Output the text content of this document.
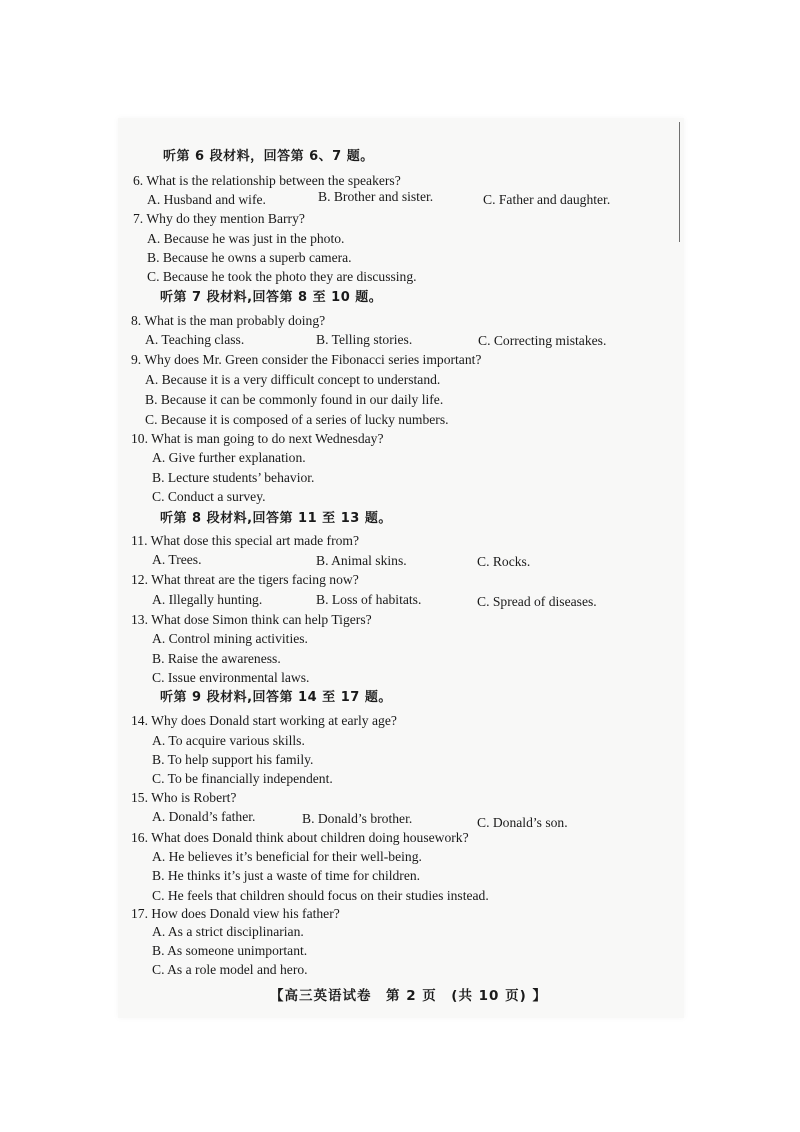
听第 6 段材料，回答第 6、7 题。
6. What is the relationship between the speakers?
A. Husband and wife.	B. Brother and sister.	C. Father and daughter.
7. Why do they mention Barry?
A. Because he was just in the photo.
B. Because he owns a superb camera.
C. Because he took the photo they are discussing.
听第 7 段材料,回答第 8 至 10 题。
8. What is the man probably doing?
A. Teaching class.	B. Telling stories.	C. Correcting mistakes.
9. Why does Mr. Green consider the Fibonacci series important?
A. Because it is a very difficult concept to understand.
B. Because it can be commonly found in our daily life.
C. Because it is composed of a series of lucky numbers.
10. What is man going to do next Wednesday?
A. Give further explanation.
B. Lecture students’ behavior.
C. Conduct a survey.
听第 8 段材料,回答第 11 至 13 题。
11. What dose this special art made from?
A. Trees.	B. Animal skins.	C. Rocks.
12. What threat are the tigers facing now?
A. Illegally hunting.	B. Loss of habitats.	C. Spread of diseases.
13. What dose Simon think can help Tigers?
A. Control mining activities.
B. Raise the awareness.
C. Issue environmental laws.
听第 9 段材料,回答第 14 至 17 题。
14. Why does Donald start working at early age?
A. To acquire various skills.
B. To help support his family.
C. To be financially independent.
15. Who is Robert?
A. Donald’s father.	B. Donald’s brother.	C. Donald’s son.
16. What does Donald think about children doing housework?
A. He believes it’s beneficial for their well-being.
B. He thinks it’s just a waste of time for children.
C. He feels that children should focus on their studies instead.
17. How does Donald view his father?
A. As a strict disciplinarian.
B. As someone unimportant.
C. As a role model and hero.
【高三英语试卷　第 2 页　(共 10 页) 】
